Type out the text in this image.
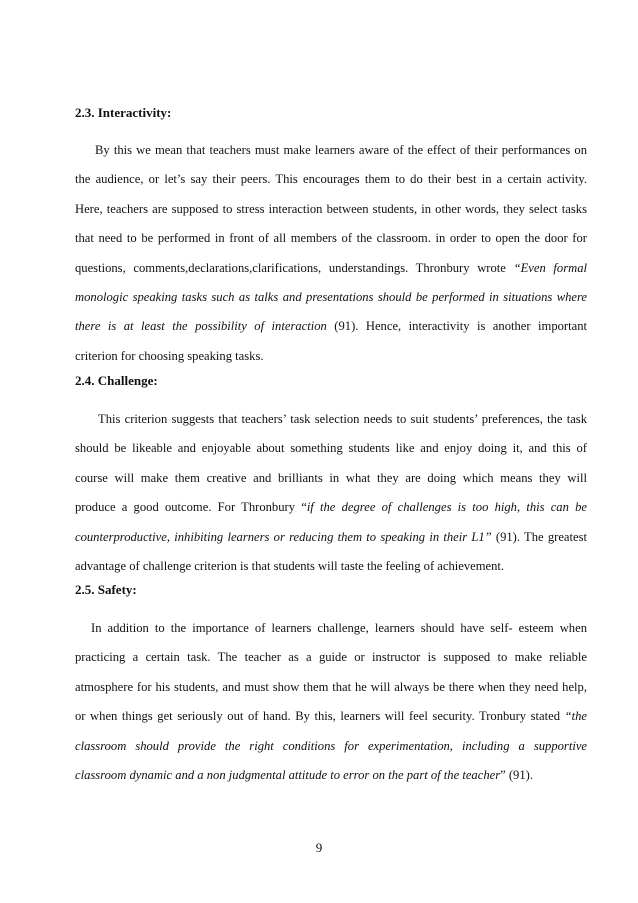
2.3. Interactivity:

By this we mean that teachers must make learners aware of the effect of their performances on
the audience, or let’s say their peers. This encourages them to do their best in a certain activity.
Here, teachers are supposed to stress interaction between students, in other words, they select tasks
that need to be performed in front of all members of the classroom. in order to open the door for
questions, comments,declarations,clarifications, understandings. Thronbury wrote “Even formal
monologic speaking tasks such as talks and presentations should be performed in situations where
there is at least the possibility of interaction (91). Hence, interactivity is another important
criterion for choosing speaking tasks.

2.4. Challenge:

This criterion suggests that teachers’ task selection needs to suit students’ preferences, the task
should be likeable and enjoyable about something students like and enjoy doing it, and this of
course will make them creative and brilliants in what they are doing which means they will
produce a good outcome. For Thronbury “if the degree of challenges is too high, this can be
counterproductive, inhibiting learners or reducing them to speaking in their L1” (91). The greatest
advantage of challenge criterion is that students will taste the feeling of achievement.

2.5. Safety:

In addition to the importance of learners challenge, learners should have self- esteem when
practicing a certain task. The teacher as a guide or instructor is supposed to make reliable
atmosphere for his students, and must show them that he will always be there when they need help,
or when things get seriously out of hand. By this, learners will feel security. Tronbury stated “the
classroom should provide the right conditions for experimentation, including a supportive
classroom dynamic and a non judgmental attitude to error on the part of the teacher” (91).

9
